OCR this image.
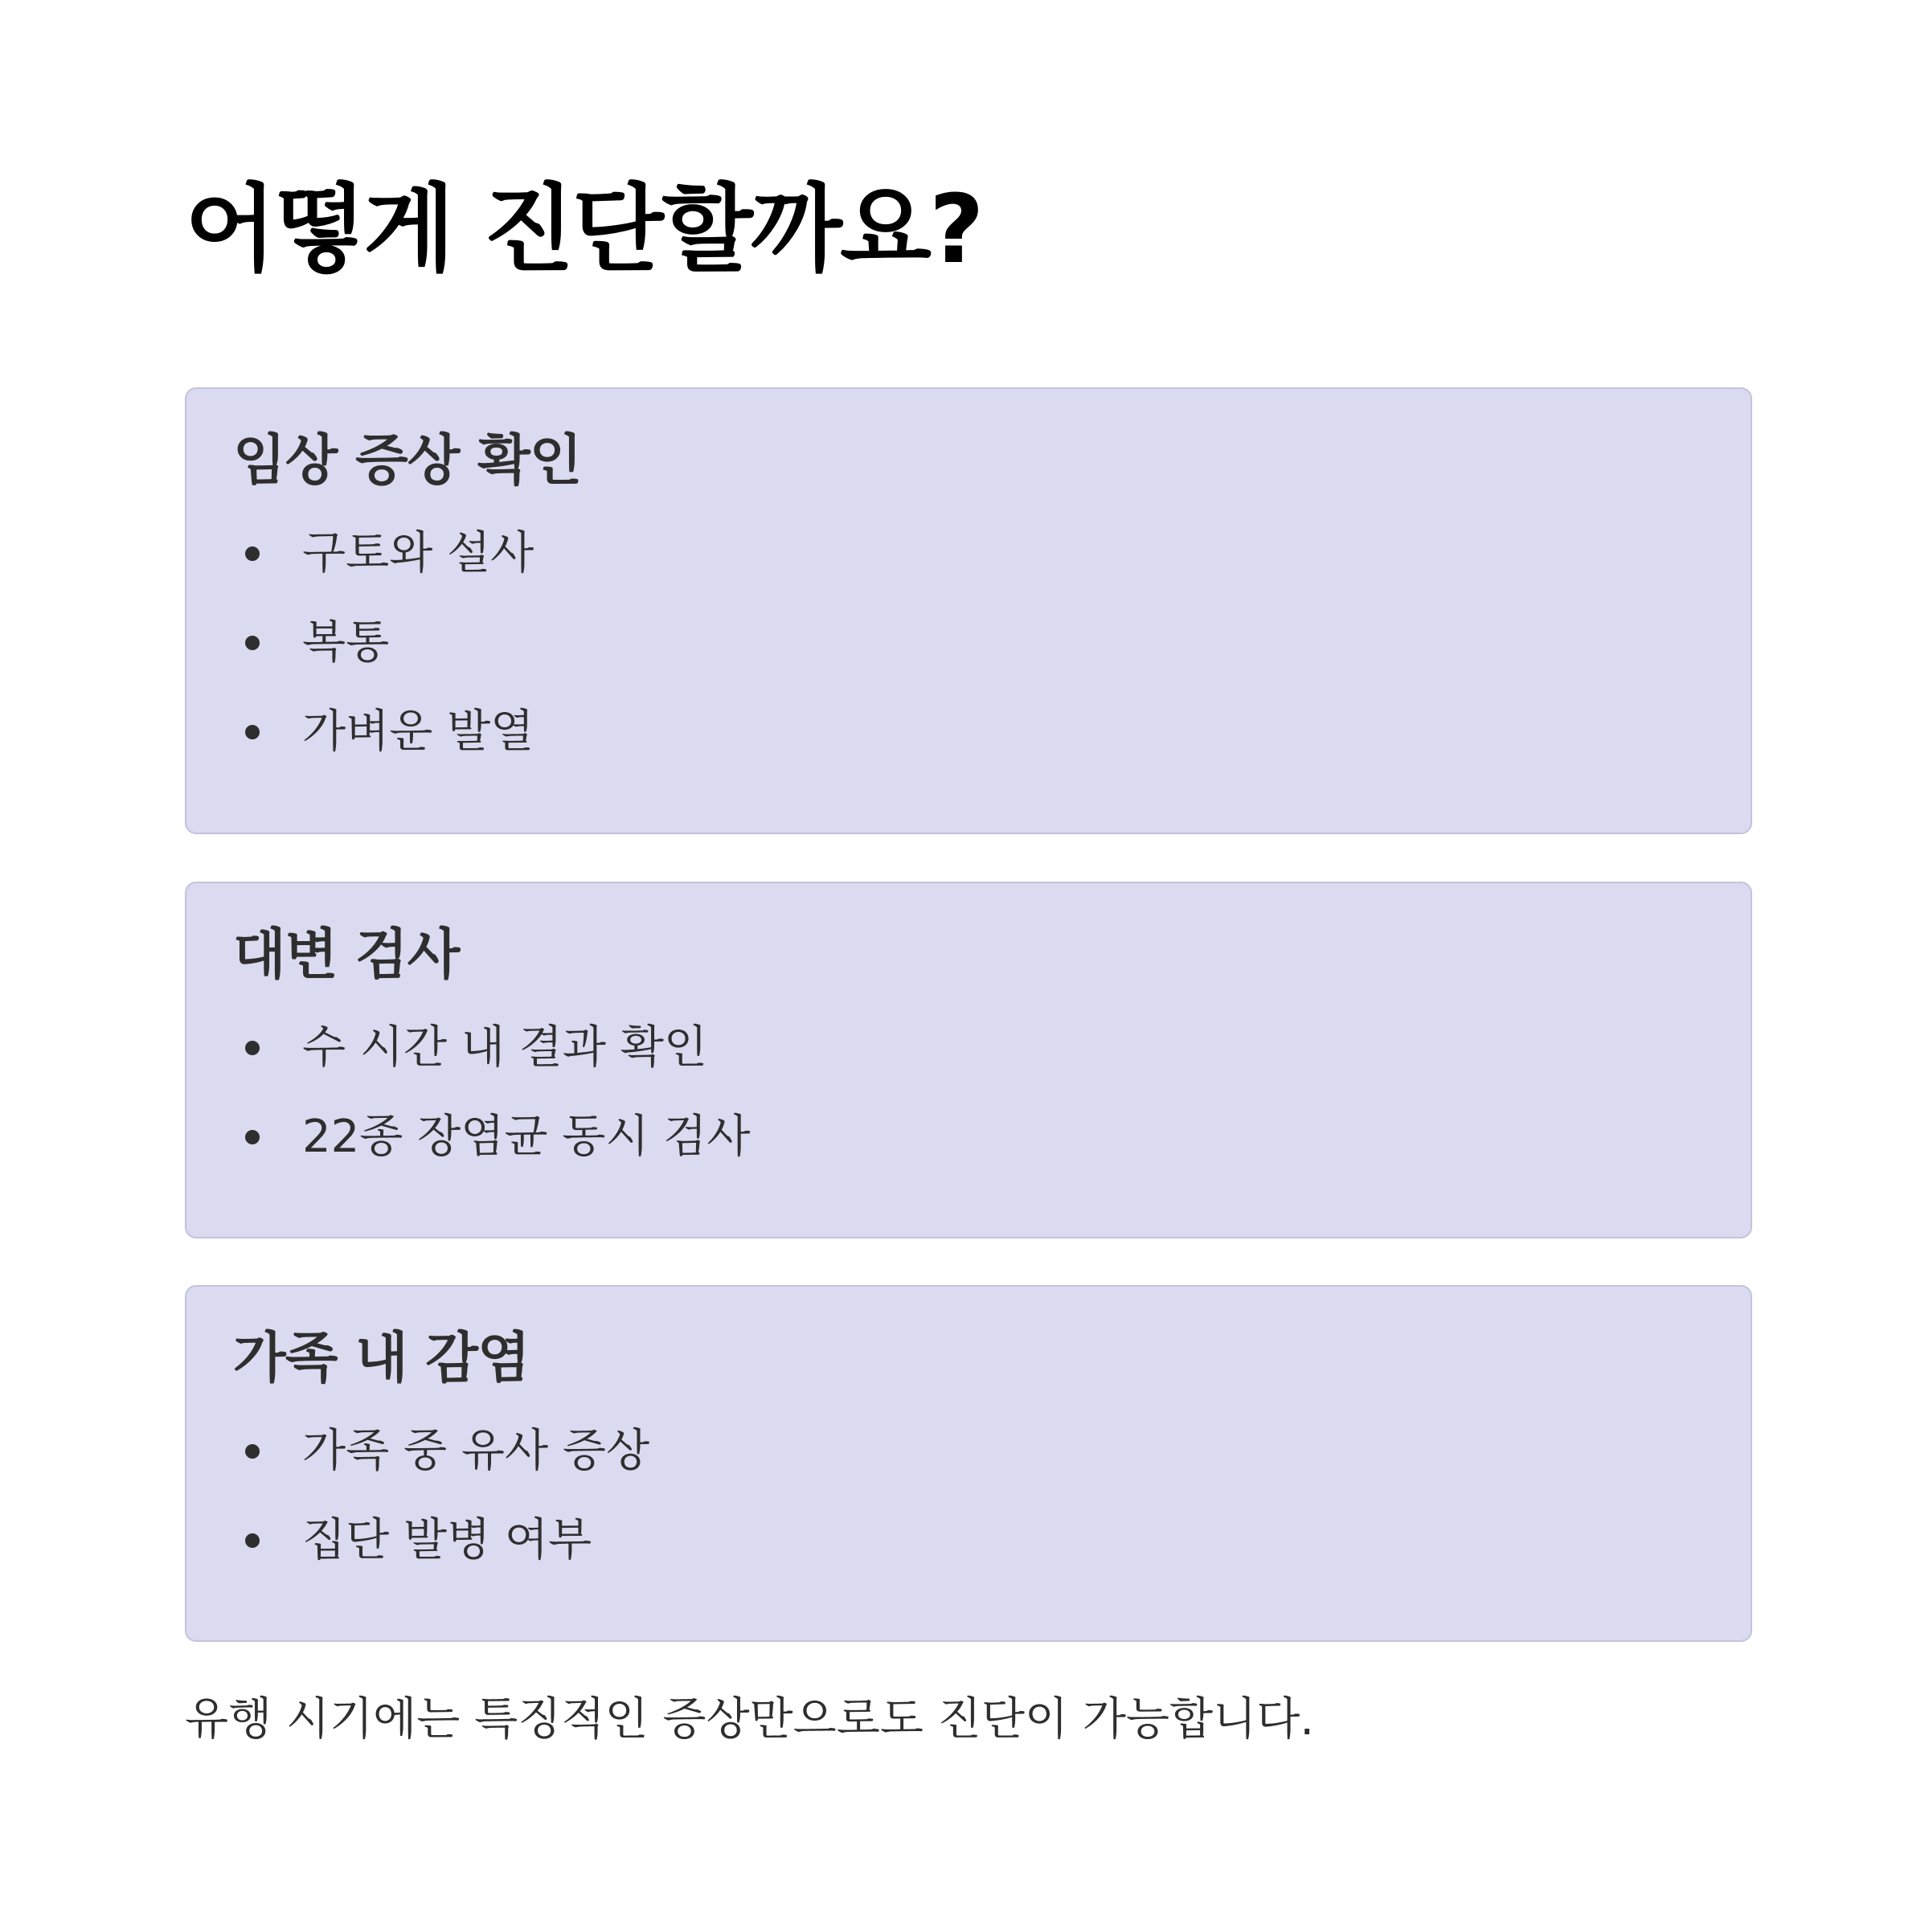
어떻게 진단할까요?
임상 증상 확인
구토와 설사
복통
가벼운 발열
대변 검사
수 시간 내 결과 확인
22종 장염균 동시 검사
가족 내 감염
가족 중 유사 증상
집단 발병 여부

유행 시기에는 특징적인 증상만으로도 진단이 가능합니다.
